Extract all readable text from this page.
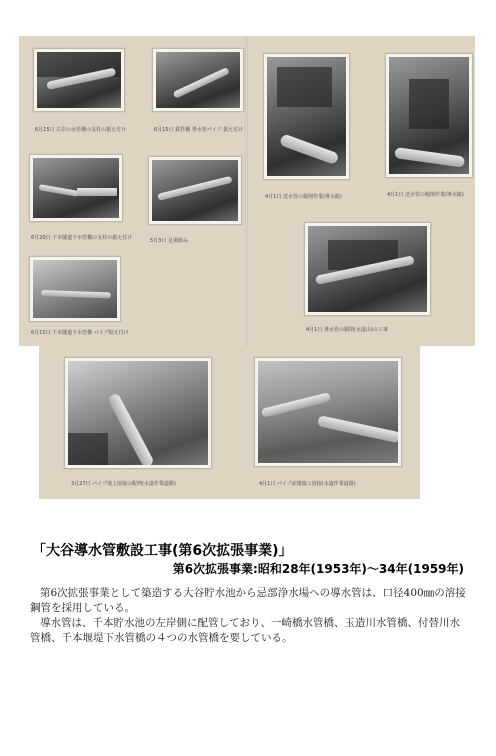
6月15日 左岸の水管橋の支柱の据え付け	6月15日 鉄管橋 導水管パイプ 据え付け
6月20日 千本隧道下水管橋の支柱の据え付け	5月3日 足場組み
6月15日 千本隧道下水管橋 パイプ据え付け
4月1日 送水管の掘削作業(導水路)	4月1日 送水管の掘削作業(導水路)
4月1日 導水管の掘削(水道山)の工事
3月27日 パイプ地上溶接の配列(水道作業道路)	4月1日 パイプ前後施工溶接(水道作業道路)
「大谷導水管敷設工事(第6次拡張事業)」
第6次拡張事業:昭和28年(1953年)～34年(1959年)

第6次拡張事業として築造する大谷貯水池から忌部浄水場への導水管は、口径400㎜の溶接鋼管を採用している。

導水管は、千本貯水池の左岸側に配管しており、一崎橋水管橋、玉造川水管橋、付替川水管橋、千本堰堤下水管橋の４つの水管橋を要している。
